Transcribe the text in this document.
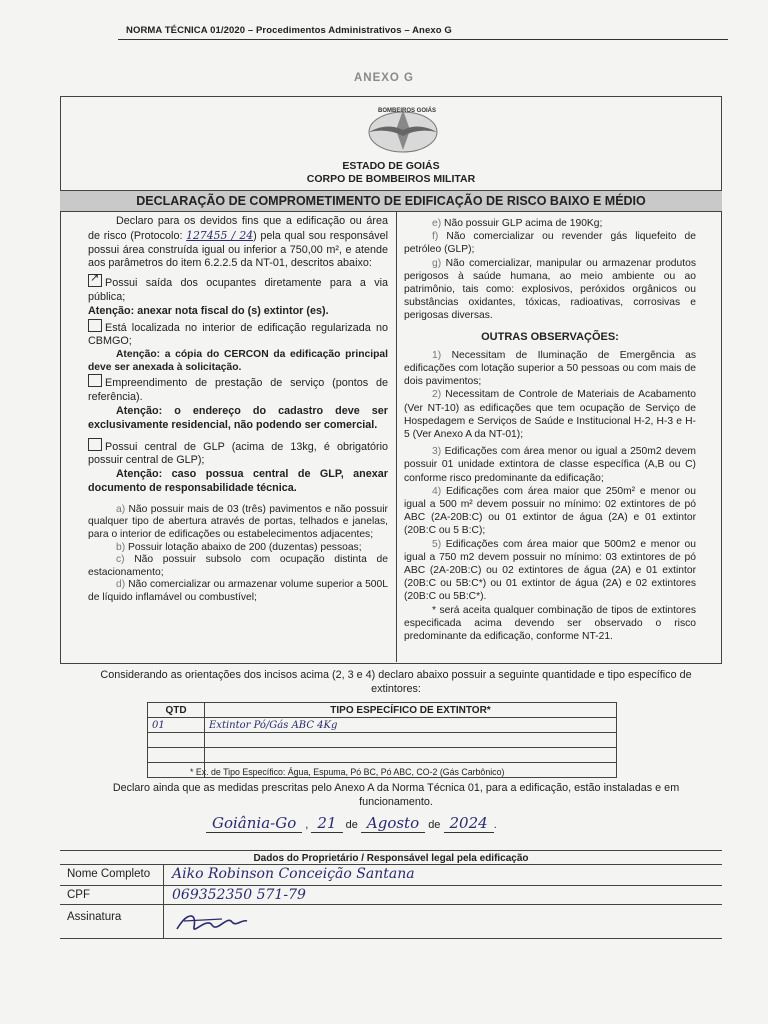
NORMA TÉCNICA 01/2020 – Procedimentos Administrativos – Anexo G
ANEXO G
BOMBEIROS GOIÁS
ESTADO DE GOIÁS
CORPO DE BOMBEIROS MILITAR
DECLARAÇÃO DE COMPROMETIMENTO DE EDIFICAÇÃO DE RISCO BAIXO E MÉDIO

Declaro para os devidos fins que a edificação ou área de risco (Protocolo: 127455 / 24) pela qual sou responsável possui área construída igual ou inferior a 750,00 m², e atende aos parâmetros do item 6.2.2.5 da NT-01, descritos abaixo:

↗Possui saída dos ocupantes diretamente para a via pública;

Atenção: anexar nota fiscal do (s) extintor (es).

Está localizada no interior de edificação regularizada no CBMGO;

Atenção: a cópia do CERCON da edificação principal deve ser anexada à solicitação.

Empreendimento de prestação de serviço (pontos de referência).

Atenção: o endereço do cadastro deve ser exclusivamente residencial, não podendo ser comercial.

Possui central de GLP (acima de 13kg, é obrigatório possuir central de GLP);

Atenção: caso possua central de GLP, anexar documento de responsabilidade técnica.

a) Não possuir mais de 03 (três) pavimentos e não possuir qualquer tipo de abertura através de portas, telhados e janelas, para o interior de edificações ou estabelecimentos adjacentes;

b) Possuir lotação abaixo de 200 (duzentas) pessoas;

c) Não possuir subsolo com ocupação distinta de estacionamento;

d) Não comercializar ou armazenar volume superior a 500L de líquido inflamável ou combustível;

e) Não possuir GLP acima de 190Kg;

f) Não comercializar ou revender gás liquefeito de petróleo (GLP);

g) Não comercializar, manipular ou armazenar produtos perigosos à saúde humana, ao meio ambiente ou ao patrimônio, tais como: explosivos, peróxidos orgânicos ou substâncias oxidantes, tóxicas, radioativas, corrosivas e perigosas diversas.

OUTRAS OBSERVAÇÕES:

1) Necessitam de Iluminação de Emergência as edificações com lotação superior a 50 pessoas ou com mais de dois pavimentos;

2) Necessitam de Controle de Materiais de Acabamento (Ver NT-10) as edificações que tem ocupação de Serviço de Hospedagem e Serviços de Saúde e Institucional H-2, H-3 e H-5 (Ver Anexo A da NT-01);

3) Edificações com área menor ou igual a 250m2 devem possuir 01 unidade extintora de classe específica (A,B ou C) conforme risco predominante da edificação;

4) Edificações com área maior que 250m² e menor ou igual a 500 m² devem possuir no mínimo: 02 extintores de pó ABC (2A-20B:C) ou 01 extintor de água (2A) e 01 extintor (20B:C ou 5 B:C);

5) Edificações com área maior que 500m2 e menor ou igual a 750 m2 devem possuir no mínimo: 03 extintores de pó ABC (2A-20B:C) ou 02 extintores de água (2A) e 01 extintor (20B:C ou 5B:C*) ou 01 extintor de água (2A) e 02 extintores (20B:C ou 5B:C*).

* será aceita qualquer combinação de tipos de extintores especificada acima devendo ser observado o risco predominante da edificação, conforme NT-21.

Considerando as orientações dos incisos acima (2, 3 e 4) declaro abaixo possuir a seguinte quantidade e tipo específico de extintores:
QTD	TIPO ESPECÍFICO DE EXTINTOR*
01	Extintor Pó/Gás ABC 4Kg

* Ex. de Tipo Específico: Água, Espuma, Pó BC, Pó ABC, CO-2 (Gás Carbônico)
Declaro ainda que as medidas prescritas pelo Anexo A da Norma Técnica 01, para a edificação, estão instaladas e em funcionamento.
Goiânia-Go , 21 de Agosto de 2024 .
Dados do Proprietário / Responsável legal pela edificação
Nome Completo Aiko Robinson Conceição Santana
CPF	069352350 571-79
Assinatura
